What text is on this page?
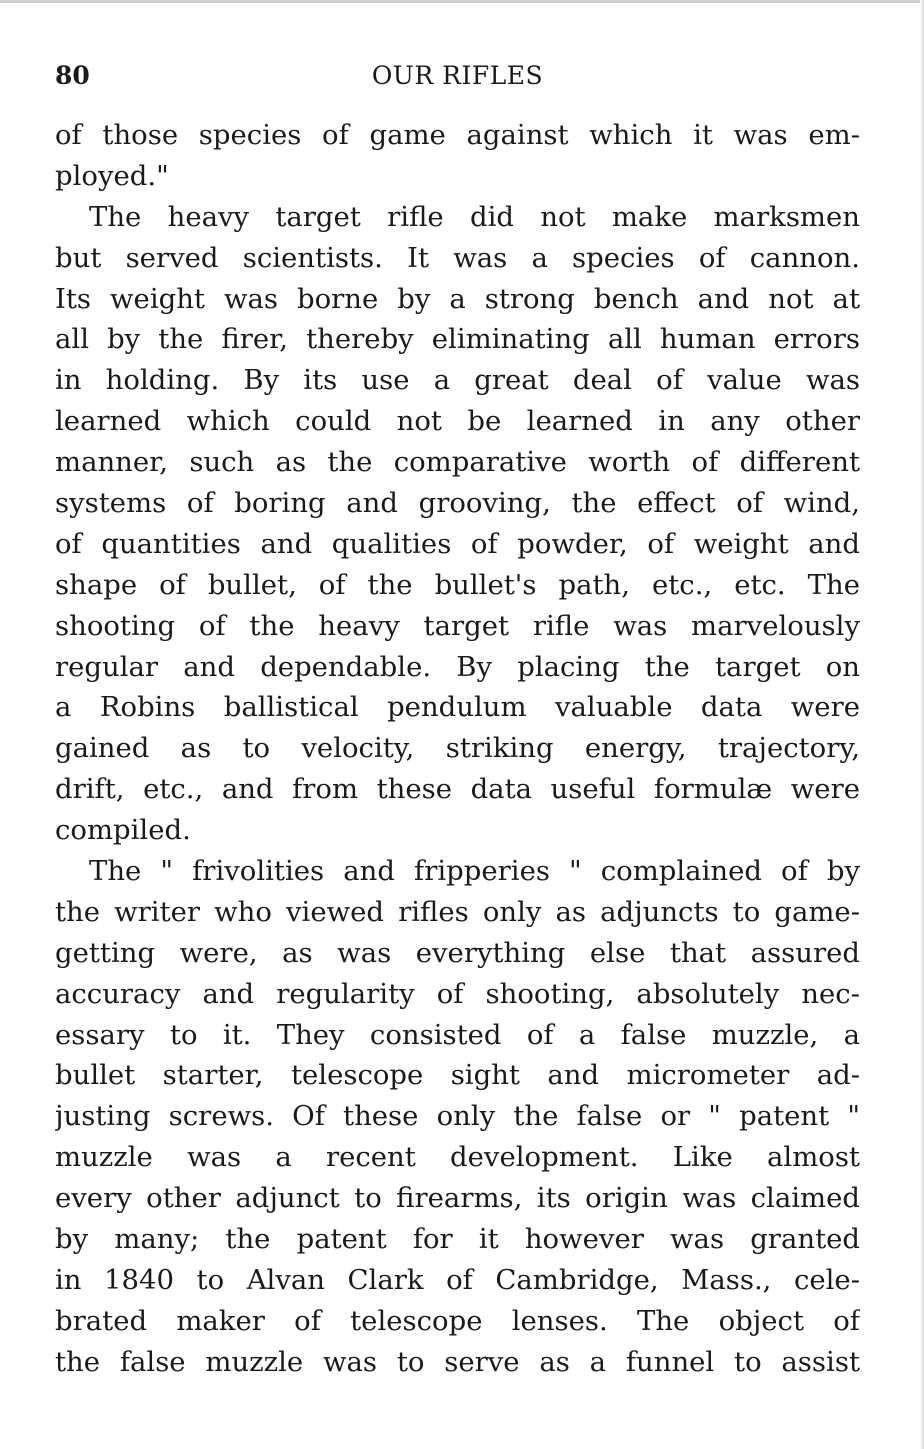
80	OUR RIFLES
of those species of game against which it was em-
ployed."
The heavy target rifle did not make marksmen
but served scientists. It was a species of cannon.
Its weight was borne by a strong bench and not at
all by the firer, thereby eliminating all human errors
in holding. By its use a great deal of value was
learned which could not be learned in any other
manner, such as the comparative worth of different
systems of boring and grooving, the effect of wind,
of quantities and qualities of powder, of weight and
shape of bullet, of the bullet's path, etc., etc. The
shooting of the heavy target rifle was marvelously
regular and dependable. By placing the target on
a Robins ballistical pendulum valuable data were
gained as to velocity, striking energy, trajectory,
drift, etc., and from these data useful formulæ were
compiled.
The " frivolities and fripperies " complained of by
the writer who viewed rifles only as adjuncts to game-
getting were, as was everything else that assured
accuracy and regularity of shooting, absolutely nec-
essary to it. They consisted of a false muzzle, a
bullet starter, telescope sight and micrometer ad-
justing screws. Of these only the false or " patent "
muzzle was a recent development. Like almost
every other adjunct to firearms, its origin was claimed
by many; the patent for it however was granted
in 1840 to Alvan Clark of Cambridge, Mass., cele-
brated maker of telescope lenses. The object of
the false muzzle was to serve as a funnel to assist
